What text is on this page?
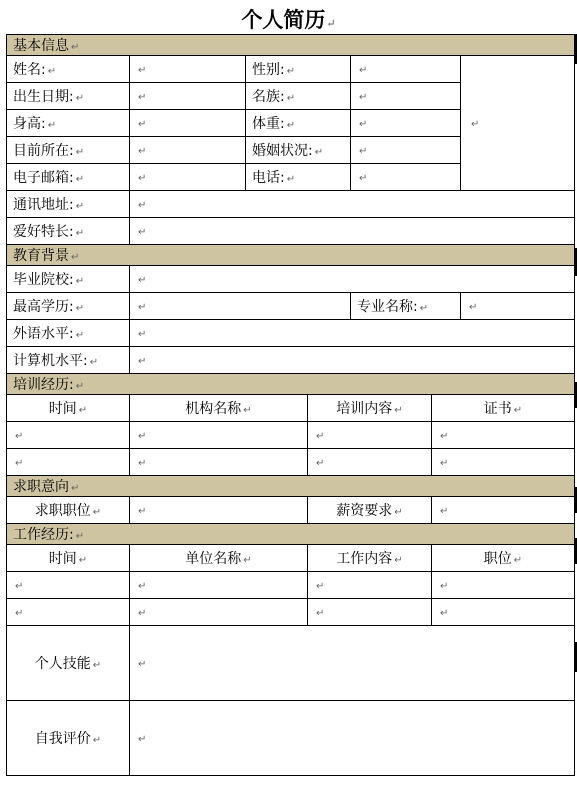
个人简历↵
基本信息 ↵						
姓名: ↵	↵	性别: ↵		↵		↵
出生日期: ↵	↵	名族: ↵		↵		
身高: ↵	↵	体重: ↵		↵		
目前所在: ↵	↵	婚姻状况: ↵		↵		
电子邮箱: ↵	↵	电话: ↵		↵		
通讯地址: ↵	↵					
爱好特长: ↵	↵					
教育背景 ↵						
毕业院校: ↵	↵					
最高学历: ↵	↵			专业名称: ↵		↵
外语水平: ↵	↵					
计算机水平: ↵	↵					
培训经历: ↵						
时间 ↵	机构名称 ↵		培训内容 ↵		证书 ↵	
↵	↵		↵		↵	
↵	↵		↵		↵	
求职意向 ↵						
求职职位 ↵	↵		薪资要求 ↵		↵	
工作经历: ↵						
时间 ↵	单位名称 ↵		工作内容 ↵		职位 ↵	
↵	↵		↵		↵	
↵	↵		↵		↵	
个人技能 ↵	↵					
自我评价 ↵	↵					
